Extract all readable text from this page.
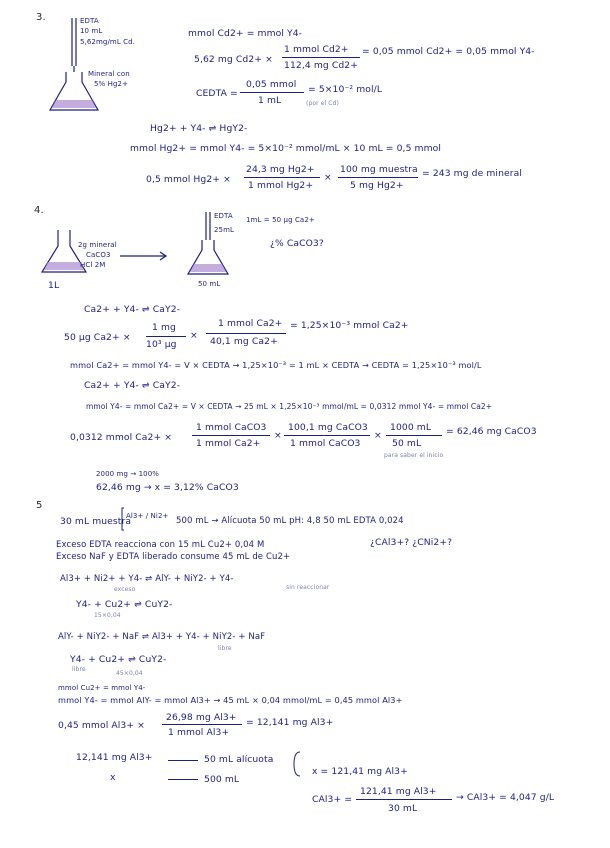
3.	EDTA
10 mL
5,62mg/mL Cd.
Mineral con
5% Hg2+
mmol Cd2+ = mmol Y4-
5,62 mg Cd2+ ×
1 mmol Cd2+
112,4 mg Cd2+
= 0,05 mmol Cd2+ = 0,05 mmol Y4-
CEDTA =
0,05 mmol
1 mL	(por el Cd)
= 5×10⁻² mol/L
Hg2+ + Y4- ⇌ HgY2-
mmol Hg2+ = mmol Y4- = 5×10⁻² mmol/mL × 10 mL = 0,5 mmol
0,5 mmol Hg2+ ×
24,3 mg Hg2+
1 mmol Hg2+
×
100 mg muestra
5 mg Hg2+
= 243 mg de mineral
4.
2g mineral
CaCO3
HCl 2M
1L
EDTA
25mL
1mL = 50 µg Ca2+
50 mL
¿% CaCO3?
Ca2+ + Y4- ⇌ CaY2-
50 µg Ca2+ ×
1 mg
10³ µg
×
1 mmol Ca2+
40,1 mg Ca2+
= 1,25×10⁻³ mmol Ca2+
mmol Ca2+ = mmol Y4- = V × CEDTA → 1,25×10⁻³ = 1 mL × CEDTA → CEDTA = 1,25×10⁻³ mol/L
Ca2+ + Y4- ⇌ CaY2-
mmol Y4- = mmol Ca2+ = V × CEDTA → 25 mL × 1,25×10⁻³ mmol/mL = 0,0312 mmol Y4- = mmol Ca2+
0,0312 mmol Ca2+ ×
1 mmol CaCO3
1 mmol Ca2+
×
100,1 mg CaCO3
1 mmol CaCO3
×
1000 mL
50 mL
para saber el inicio
= 62,46 mg CaCO3
2000 mg → 100%
62,46 mg → x = 3,12% CaCO3
5
30 mL muestra
Al3+ / Ni2+ 500 mL → Alícuota 50 mL pH: 4,8 50 mL EDTA 0,024
Exceso EDTA reacciona con 15 mL Cu2+ 0,04 M
Exceso NaF y EDTA liberado consume 45 mL de Cu2+
¿CAl3+? ¿CNi2+?
Al3+ + Ni2+ + Y4- ⇌ AlY- + NiY2- + Y4-
exceso	sin reaccionar
Y4- + Cu2+ ⇌ CuY2-
15×0,04
AlY- + NiY2- + NaF ⇌ Al3+ + Y4- + NiY2- + NaF
libre
Y4- + Cu2+ ⇌ CuY2-
libre
45×0,04
mmol Cu2+ = mmol Y4-
mmol Y4- = mmol AlY- = mmol Al3+ → 45 mL × 0,04 mmol/mL = 0,45 mmol Al3+
0,45 mmol Al3+ ×
26,98 mg Al3+
1 mmol Al3+
= 12,141 mg Al3+
12,141 mg Al3+	50 mL alícuota
x	500 mL
x = 121,41 mg Al3+
CAl3+ =
121,41 mg Al3+
30 mL
→ CAl3+ = 4,047 g/L
